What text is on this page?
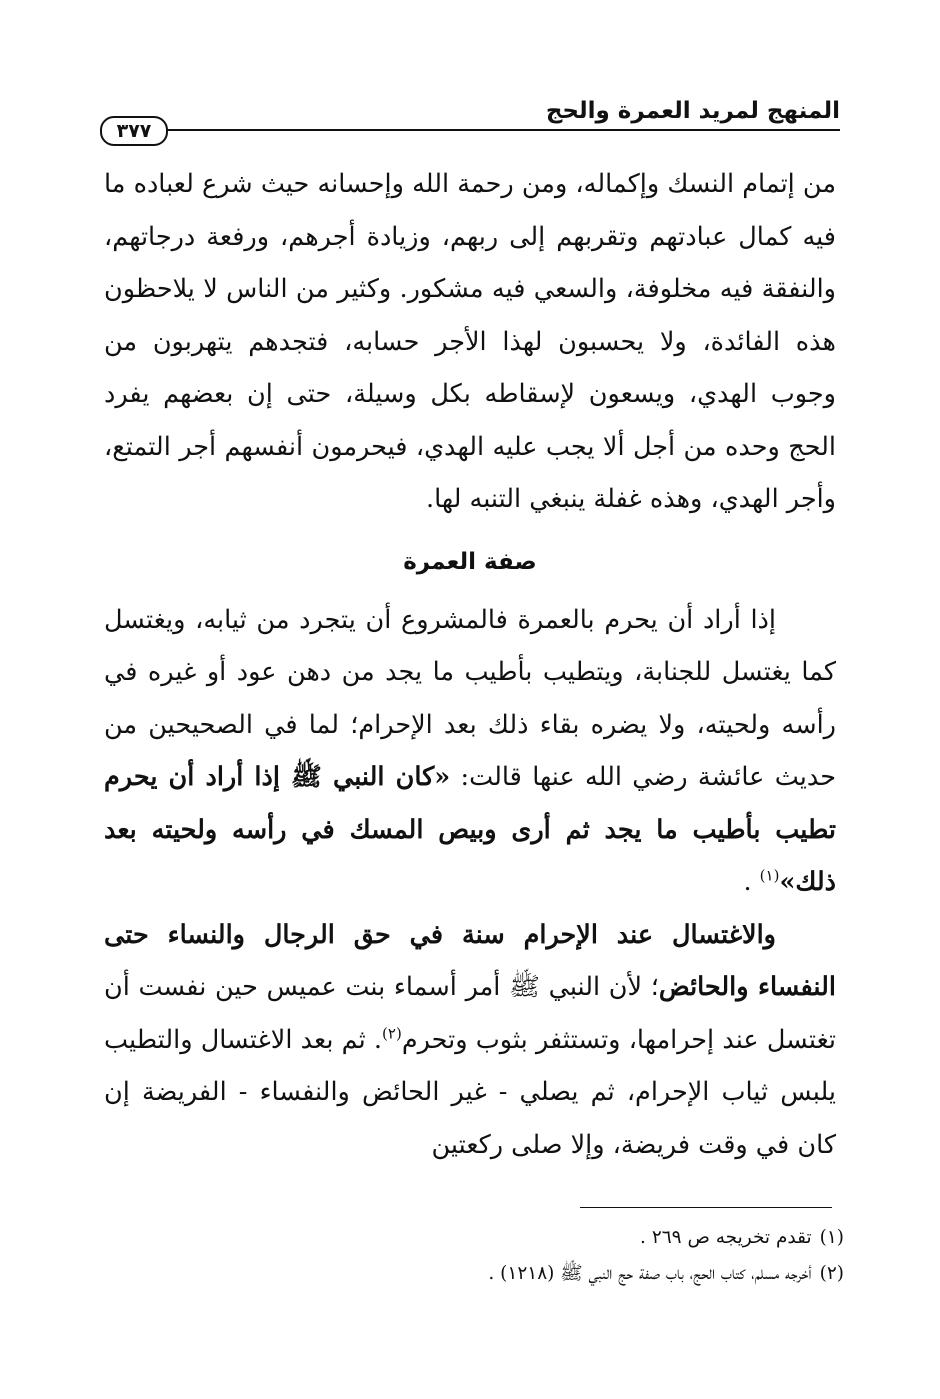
المنهج لمريد العمرة والحج
٣٧٧

من إتمام النسك وإكماله، ومن رحمة الله وإحسانه حيث شرع لعباده ما فيه كمال عبادتهم وتقربهم إلى ربهم، وزيادة أجرهم، ورفعة درجاتهم، والنفقة فيه مخلوفة، والسعي فيه مشكور. وكثير من الناس لا يلاحظون هذه الفائدة، ولا يحسبون لهذا الأجر حسابه، فتجدهم يتهربون من وجوب الهدي، ويسعون لإسقاطه بكل وسيلة، حتى إن بعضهم يفرد الحج وحده من أجل ألا يجب عليه الهدي، فيحرمون أنفسهم أجر التمتع، وأجر الهدي، وهذه غفلة ينبغي التنبه لها.

صفة العمرة

إذا أراد أن يحرم بالعمرة فالمشروع أن يتجرد من ثيابه، ويغتسل كما يغتسل للجنابة، ويتطيب بأطيب ما يجد من دهن عود أو غيره في رأسه ولحيته، ولا يضره بقاء ذلك بعد الإحرام؛ لما في الصحيحين من حديث عائشة رضي الله عنها قالت: «كان النبي ﷺ إذا أراد أن يحرم تطيب بأطيب ما يجد ثم أرى وبيص المسك في رأسه ولحيته بعد ذلك»$^{(١)}$ .

والاغتسال عند الإحرام سنة في حق الرجال والنساء حتى النفساء والحائض؛ لأن النبي ﷺ أمر أسماء بنت عميس حين نفست أن تغتسل عند إحرامها، وتستثفر بثوب وتحرم$^{(٢)}$. ثم بعد الاغتسال والتطيب يلبس ثياب الإحرام، ثم يصلي - غير الحائض والنفساء - الفريضة إن كان في وقت فريضة، وإلا صلى ركعتين

(١)تقدم تخريجه ص ٢٦٩ .

(٢)أخرجه مسلم، كتاب الحج، باب صفة حج النبي ﷺ (١٢١٨) .
